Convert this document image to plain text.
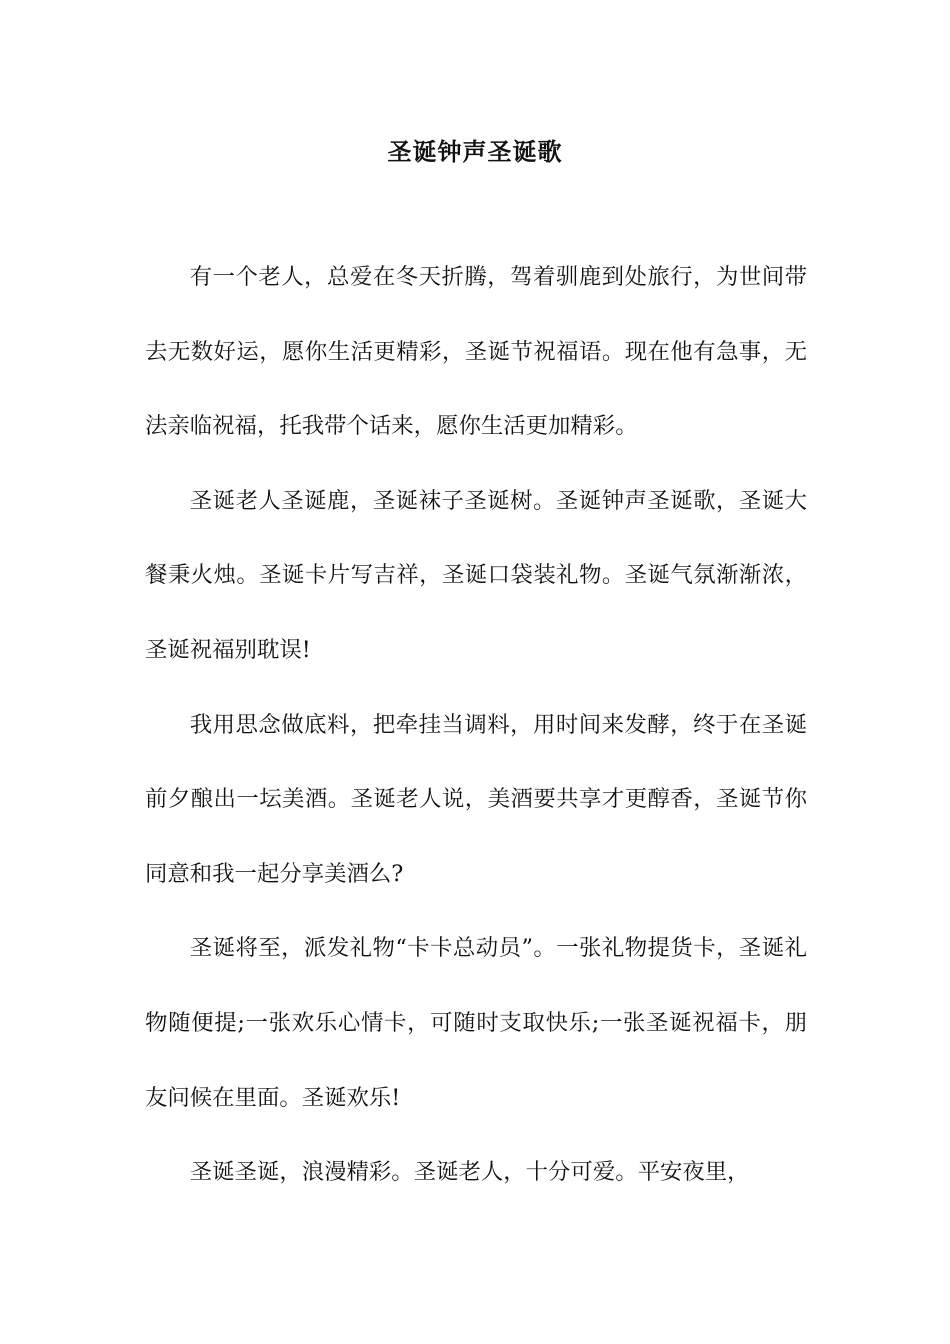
圣诞钟声圣诞歌

有一个老人，总爱在冬天折腾，驾着驯鹿到处旅行，为世间带去无数好运，愿你生活更精彩，圣诞节祝福语。现在他有急事，无法亲临祝福，托我带个话来，愿你生活更加精彩。

圣诞老人圣诞鹿，圣诞袜子圣诞树。圣诞钟声圣诞歌，圣诞大餐秉火烛。圣诞卡片写吉祥，圣诞口袋装礼物。圣诞气氛渐渐浓，圣诞祝福别耽误!

我用思念做底料，把牵挂当调料，用时间来发酵，终于在圣诞前夕酿出一坛美酒。圣诞老人说，美酒要共享才更醇香，圣诞节你同意和我一起分享美酒么?

圣诞将至，派发礼物“卡卡总动员”。一张礼物提货卡，圣诞礼物随便提;一张欢乐心情卡，可随时支取快乐;一张圣诞祝福卡，朋友问候在里面。圣诞欢乐!

圣诞圣诞，浪漫精彩。圣诞老人，十分可爱。平安夜里，
